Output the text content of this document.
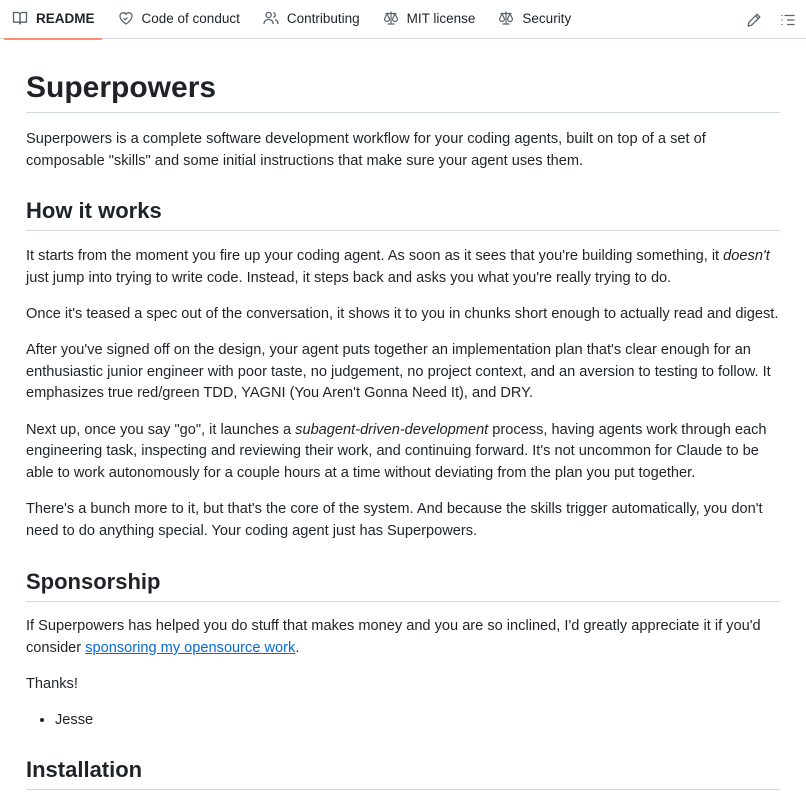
README	Code of conduct	Contributing	MIT license	Security
Superpowers

Superpowers is a complete software development workflow for your coding agents, built on top of a set of composable "skills" and some initial instructions that make sure your agent uses them.

How it works

It starts from the moment you fire up your coding agent. As soon as it sees that you're building something, it doesn't just jump into trying to write code. Instead, it steps back and asks you what you're really trying to do.

Once it's teased a spec out of the conversation, it shows it to you in chunks short enough to actually read and digest.

After you've signed off on the design, your agent puts together an implementation plan that's clear enough for an enthusiastic junior engineer with poor taste, no judgement, no project context, and an aversion to testing to follow. It emphasizes true red/green TDD, YAGNI (You Aren't Gonna Need It), and DRY.

Next up, once you say "go", it launches a subagent-driven-development process, having agents work through each engineering task, inspecting and reviewing their work, and continuing forward. It's not uncommon for Claude to be able to work autonomously for a couple hours at a time without deviating from the plan you put together.

There's a bunch more to it, but that's the core of the system. And because the skills trigger automatically, you don't need to do anything special. Your coding agent just has Superpowers.

Sponsorship

If Superpowers has helped you do stuff that makes money and you are so inclined, I'd greatly appreciate it if you'd consider sponsoring my opensource work.

Thanks!

• Jesse
Installation
